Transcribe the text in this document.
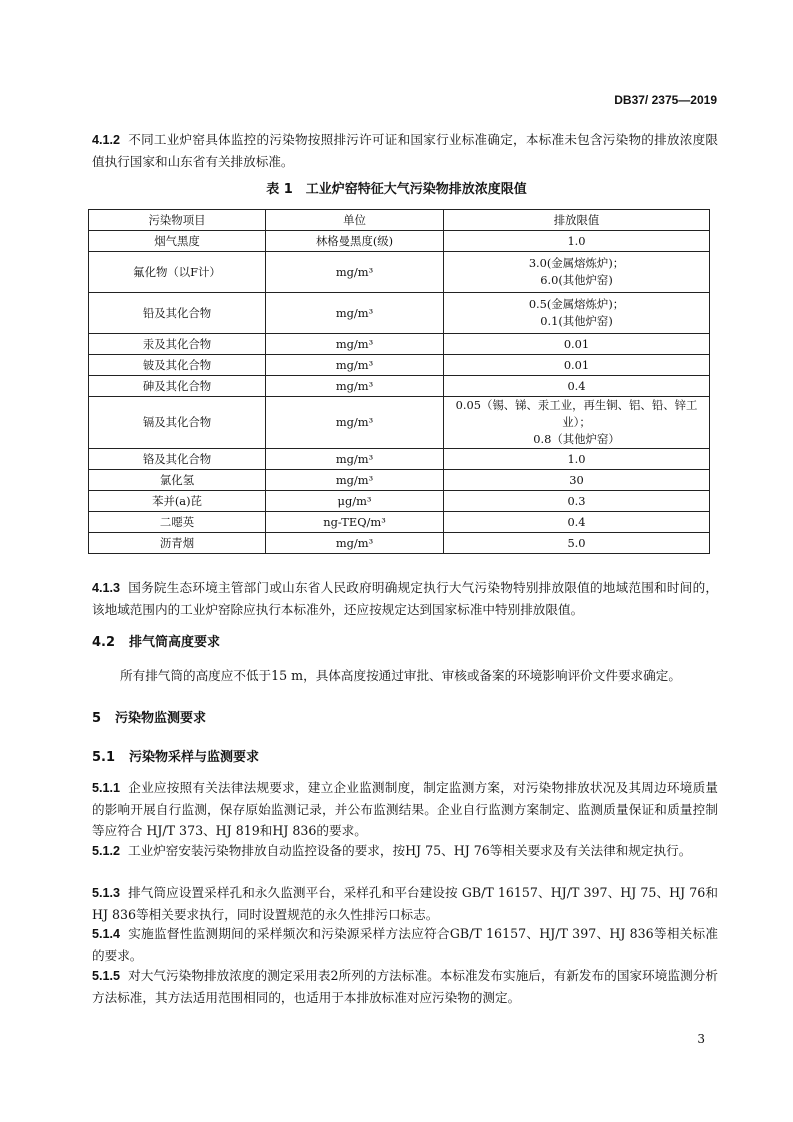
DB37/ 2375—2019
4.1.2 不同工业炉窑具体监控的污染物按照排污许可证和国家行业标准确定，本标准未包含污染物的排放浓度限值执行国家和山东省有关排放标准。
表 1　工业炉窑特征大气污染物排放浓度限值
污染物项目	单位	排放限值
烟气黑度	林格曼黑度(级)	1.0

氟化物（以F计）	mg/m³	3.0(金属熔炼炉)；
6.0(其他炉窑)

铅及其化合物	mg/m³	0.5(金属熔炼炉)；
0.1(其他炉窑)

汞及其化合物	mg/m³	0.01

铍及其化合物	mg/m³	0.01

砷及其化合物	mg/m³	0.4

镉及其化合物	mg/m³	0.05（锡、锑、汞工业，再生铜、铝、铅、锌工业）；
0.8（其他炉窑）

铬及其化合物	mg/m³	1.0

氯化氢	mg/m³	30

苯并(a)芘	μg/m³	0.3

二噁英	ng-TEQ/m³	0.4

沥青烟	mg/m³	5.0
4.1.3 国务院生态环境主管部门或山东省人民政府明确规定执行大气污染物特别排放限值的地域范围和时间的，该地域范围内的工业炉窑除应执行本标准外，还应按规定达到国家标准中特别排放限值。
4.2 排气筒高度要求
所有排气筒的高度应不低于15 m，具体高度按通过审批、审核或备案的环境影响评价文件要求确定。
5 污染物监测要求
5.1 污染物采样与监测要求
5.1.1 企业应按照有关法律法规要求，建立企业监测制度，制定监测方案，对污染物排放状况及其周边环境质量的影响开展自行监测，保存原始监测记录，并公布监测结果。企业自行监测方案制定、监测质量保证和质量控制等应符合 HJ/T 373、HJ 819和HJ 836的要求。
5.1.2 工业炉窑安装污染物排放自动监控设备的要求，按HJ 75、HJ 76等相关要求及有关法律和规定执行。
5.1.3 排气筒应设置采样孔和永久监测平台，采样孔和平台建设按 GB/T 16157、HJ/T 397、HJ 75、HJ 76和HJ 836等相关要求执行，同时设置规范的永久性排污口标志。
5.1.4 实施监督性监测期间的采样频次和污染源采样方法应符合GB/T 16157、HJ/T 397、HJ 836等相关标准的要求。
5.1.5 对大气污染物排放浓度的测定采用表2所列的方法标准。本标准发布实施后，有新发布的国家环境监测分析方法标准，其方法适用范围相同的，也适用于本排放标准对应污染物的测定。
3
